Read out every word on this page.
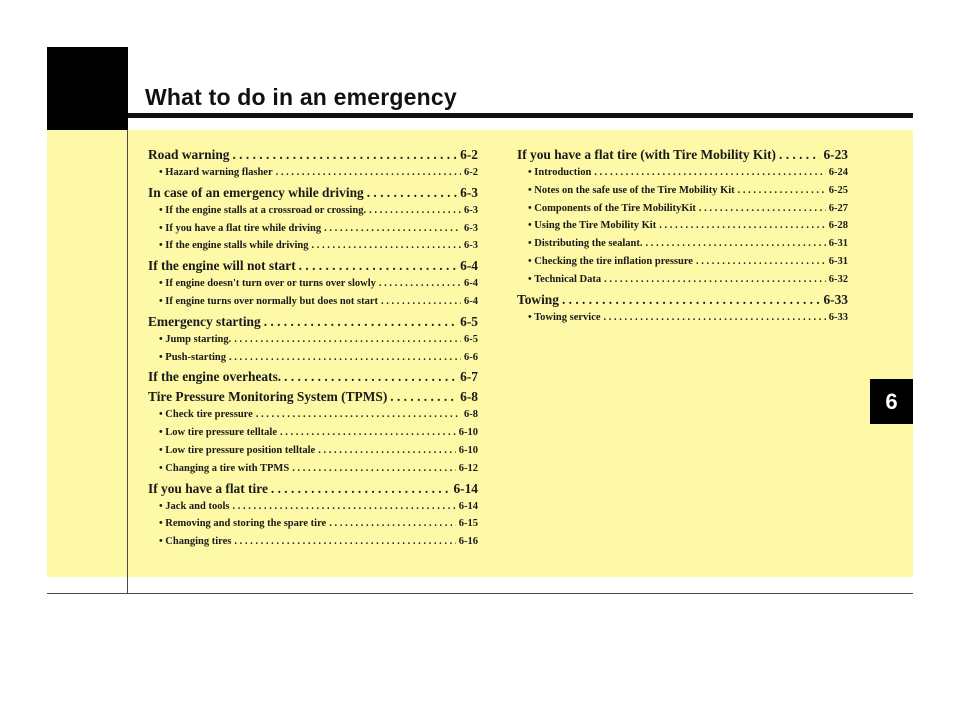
What to do in an emergency
6
Road warning . . .	6-2
• Hazard warning flasher . . .	6-2
In case of an emergency while driving . . .	6-3
• If the engine stalls at a crossroad or crossing. . . .	6-3
• If you have a flat tire while driving . . .	6-3
• If the engine stalls while driving . . .	6-3
If the engine will not start . . .	6-4
• If engine doesn't turn over or turns over slowly . . .	6-4
• If engine turns over normally but does not start . . .	6-4
Emergency starting . . .	6-5
• Jump starting. . . .	6-5
• Push-starting . . .	6-6
If the engine overheats. . . .	6-7
Tire Pressure Monitoring System (TPMS) . . .	6-8
• Check tire pressure . . .	6-8
• Low tire pressure telltale . . .	6-10
• Low tire pressure position telltale . . .	6-10
• Changing a tire with TPMS . . .	6-12
If you have a flat tire . . .	6-14
• Jack and tools . . .	6-14
• Removing and storing the spare tire . . .	6-15
• Changing tires . . .	6-16
If you have a flat tire (with Tire Mobility Kit) . . .	6-23
• Introduction . . .	6-24
• Notes on the safe use of the Tire Mobility Kit . . .	6-25
• Components of the Tire MobilityKit . . .	6-27
• Using the Tire Mobility Kit . . .	6-28
• Distributing the sealant. . . .	6-31
• Checking the tire inflation pressure . . .	6-31
• Technical Data . . .	6-32
Towing . . .	6-33
• Towing service . . .	6-33
